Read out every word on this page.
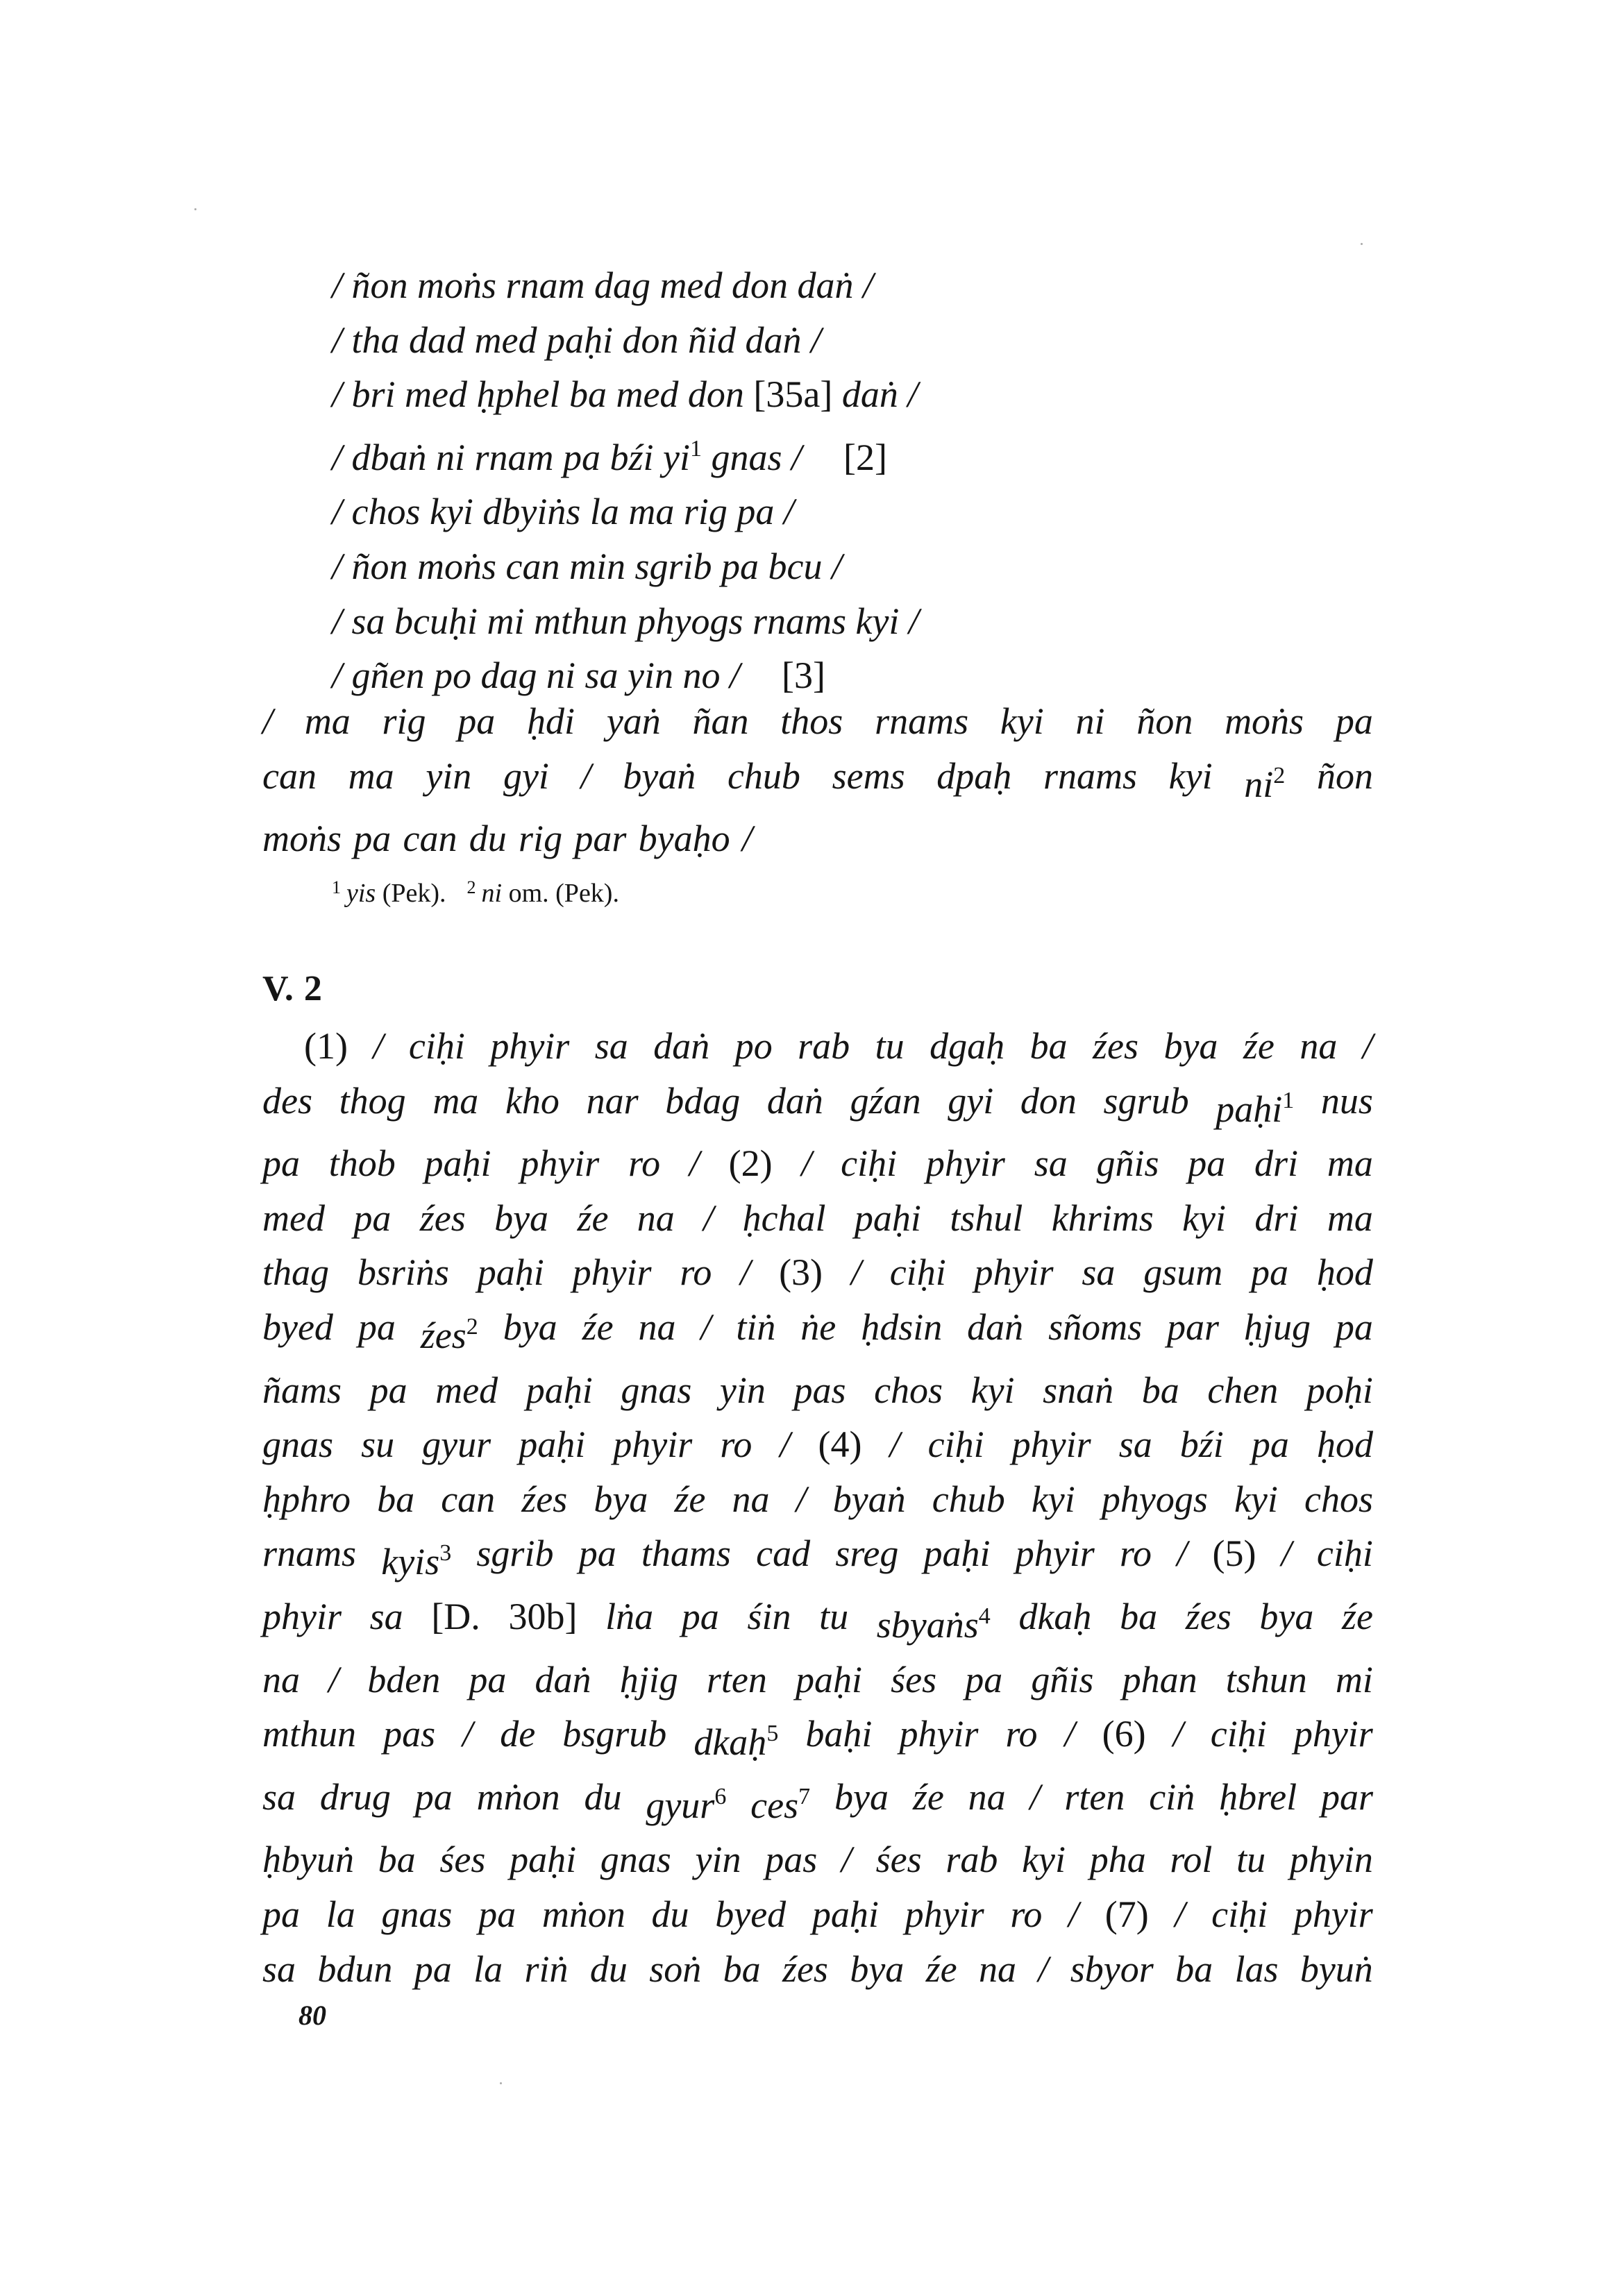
/ ñon moṅs rnam dag med don daṅ /
/ tha dad med paḥi don ñid daṅ /
/ bri med ḥphel ba med don [35a] daṅ /
/ dbaṅ ni rnam pa bźi yi$^1$ gnas / [2]
/ chos kyi dbyiṅs la ma rig pa /
/ ñon moṅs can min sgrib pa bcu /
/ sa bcuḥi mi mthun phyogs rnams kyi /
/ gñen po dag ni sa yin no / [3]
/ ma rig pa ḥdi yaṅ ñan thos rnams kyi ni ñon moṅs pa
can ma yin gyi / byaṅ chub sems dpaḥ rnams kyi $ni^2$ ñon
moṅs pa can du rig par byaḥo /
$^1$ yis (Pek). $^2$ ni om. (Pek).
V. 2
(1) / ciḥi phyir sa daṅ po rab tu dgaḥ ba źes bya źe na /
des thog ma kho nar bdag daṅ gźan gyi don sgrub paḥi$^1$ nus
pa thob paḥi phyir ro / (2) / ciḥi phyir sa gñis pa dri ma
med pa źes bya źe na / ḥchal paḥi tshul khrims kyi dri ma
thag bsriṅs paḥi phyir ro / (3) / ciḥi phyir sa gsum pa ḥod
byed pa źes$^2$ bya źe na / tiṅ ṅe ḥdsin daṅ sñoms par ḥjug pa
ñams pa med paḥi gnas yin pas chos kyi snaṅ ba chen poḥi
gnas su gyur paḥi phyir ro / (4) / ciḥi phyir sa bźi pa ḥod
ḥphro ba can źes bya źe na / byaṅ chub kyi phyogs kyi chos
rnams kyis$^3$ sgrib pa thams cad sreg paḥi phyir ro / (5) / ciḥi
phyir sa [D. 30b] lṅa pa śin tu sbyaṅs$^4$ dkaḥ ba źes bya źe
na / bden pa daṅ ḥjig rten paḥi śes pa gñis phan tshun mi
mthun pas / de bsgrub dkaḥ$^5$ baḥi phyir ro / (6) / ciḥi phyir
sa drug pa mṅon du gyur$^6$ ces$^7$ bya źe na / rten ciṅ ḥbrel par
ḥbyuṅ ba śes paḥi gnas yin pas / śes rab kyi pha rol tu phyin
pa la gnas pa mṅon du byed paḥi phyir ro / (7) / ciḥi phyir
sa bdun pa la riṅ du soṅ ba źes bya źe na / sbyor ba las byuṅ
80
